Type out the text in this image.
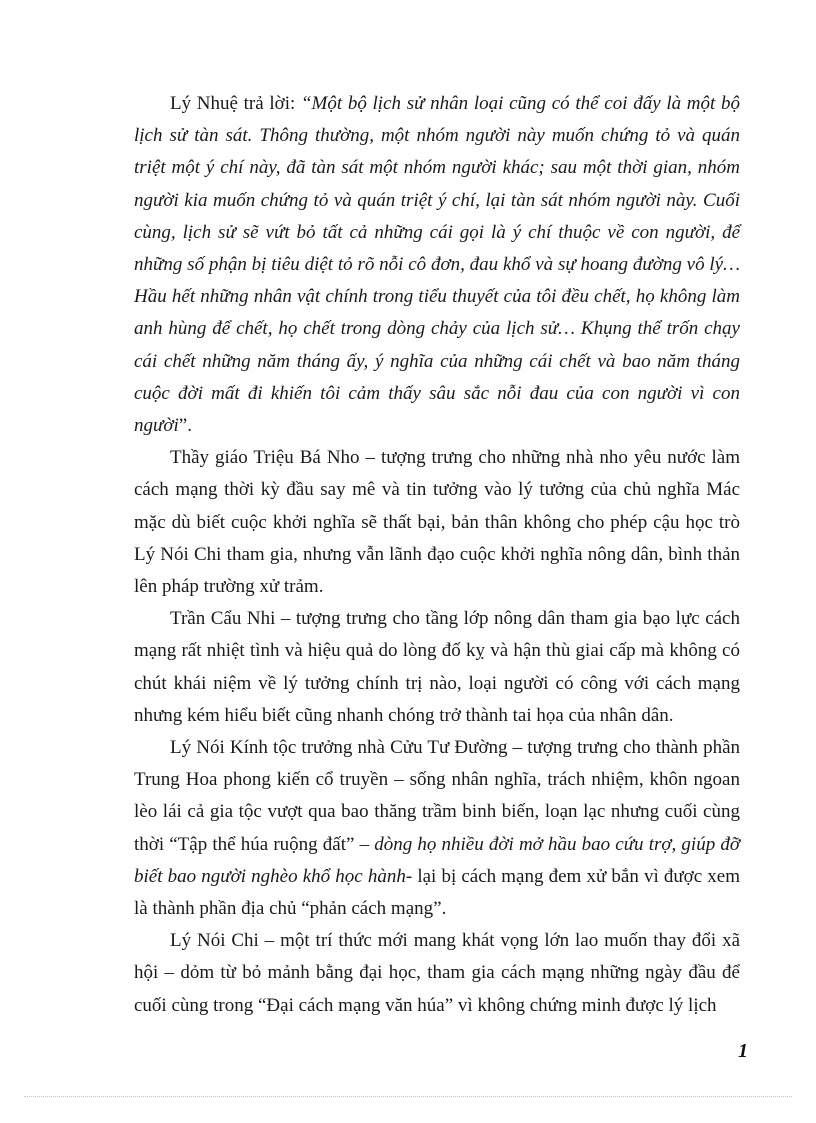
Lý Nhuệ trả lời: “Một bộ lịch sử nhân loại cũng có thể coi đấy là một bộ lịch sử tàn sát. Thông thường, một nhóm người này muốn chứng tỏ và quán triệt một ý chí này, đã tàn sát một nhóm người khác; sau một thời gian, nhóm người kia muốn chứng tỏ và quán triệt ý chí, lại tàn sát nhóm người này. Cuối cùng, lịch sử sẽ vứt bỏ tất cả những cái gọi là ý chí thuộc về con người, để những số phận bị tiêu diệt tỏ rõ nỗi cô đơn, đau khổ và sự hoang đường vô lý… Hầu hết những nhân vật chính trong tiểu thuyết của tôi đều chết, họ không làm anh hùng để chết, họ chết trong dòng chảy của lịch sử… Khụng thể trốn chạy cái chết những năm tháng ấy, ý nghĩa của những cái chết và bao năm tháng cuộc đời mất đi khiến tôi cảm thấy sâu sắc nỗi đau của con người vì con người”.

Thầy giáo Triệu Bá Nho – tượng trưng cho những nhà nho yêu nước làm cách mạng thời kỳ đầu say mê và tin tưởng vào lý tưởng của chủ nghĩa Mác mặc dù biết cuộc khởi nghĩa sẽ thất bại, bản thân không cho phép cậu học trò Lý Nói Chi tham gia, nhưng vẫn lãnh đạo cuộc khởi nghĩa nông dân, bình thản lên pháp trường xử trảm.

Trần Cẩu Nhi – tượng trưng cho tầng lớp nông dân tham gia bạo lực cách mạng rất nhiệt tình và hiệu quả do lòng đố kỵ và hận thù giai cấp mà không có chút khái niệm về lý tưởng chính trị nào, loại người có công với cách mạng nhưng kém hiểu biết cũng nhanh chóng trở thành tai họa của nhân dân.

Lý Nói Kính tộc trưởng nhà Cửu Tư Đường – tượng trưng cho thành phần Trung Hoa phong kiến cổ truyền – sống nhân nghĩa, trách nhiệm, khôn ngoan lèo lái cả gia tộc vượt qua bao thăng trầm binh biến, loạn lạc nhưng cuối cùng thời “Tập thể húa ruộng đất” – dòng họ nhiều đời mở hầu bao cứu trợ, giúp đỡ biết bao người nghèo khổ học hành- lại bị cách mạng đem xử bắn vì được xem là thành phần địa chủ “phản cách mạng”.

Lý Nói Chi – một trí thức mới mang khát vọng lớn lao muốn thay đổi xã hội – dỏm từ bỏ mảnh bằng đại học, tham gia cách mạng những ngày đầu để cuối cùng trong “Đại cách mạng văn húa” vì không chứng minh được lý lịch

1
